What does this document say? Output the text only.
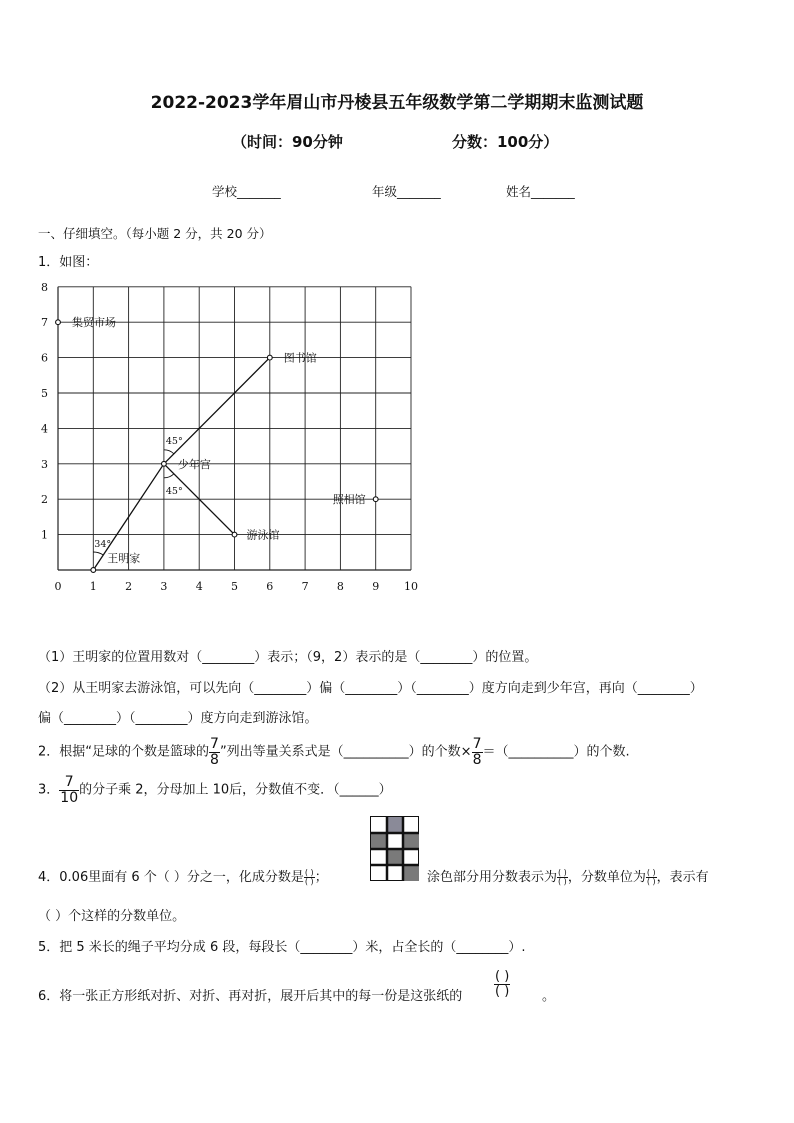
2022-2023学年眉山市丹棱县五年级数学第二学期期末监测试题
（时间：90分钟	分数：100分）
学校_______	年级_______	姓名_______
一、仔细填空。（每小题 2 分，共 20 分）
1．如图：
0	1	2	3	4	5	6	7	8	9 10
1
2
3
4
5
6
7
8
集贸市场
图书馆
少年宫
照相馆
游泳馆
王明家
45°
45°
34°
（1）王明家的位置用数对（________）表示；（9，2）表示的是（________）的位置。
（2）从王明家去游泳馆，可以先向（________）偏（________）（________）度方向走到少年宫，再向（________）
偏（________）（________）度方向走到游泳馆。
2．根据“足球的个数是篮球的 $\frac{7}{8}$ ”列出等量关系式是（__________）的个数× $\frac{7}{8}$ ＝（__________）的个数.
3． $\frac{7}{10}$ 的分子乘 2，分母加上 10后，分数值不变．（______）
4．0.06里面有 6 个（ ）分之一，化成分数是 $\frac{( )}{( )}$ ；	涂色部分用分数表示为 $\frac{( )}{( )}$ ，分数单位为 $\frac{( )}{( )}$ ，表示有
（ ）个这样的分数单位。
5．把 5 米长的绳子平均分成 6 段，每段长（________）米，占全长的（________）.
6．将一张正方形纸对折、对折、再对折，展开后其中的每一份是这张纸的 $\frac{( )}{( )}$ 。
